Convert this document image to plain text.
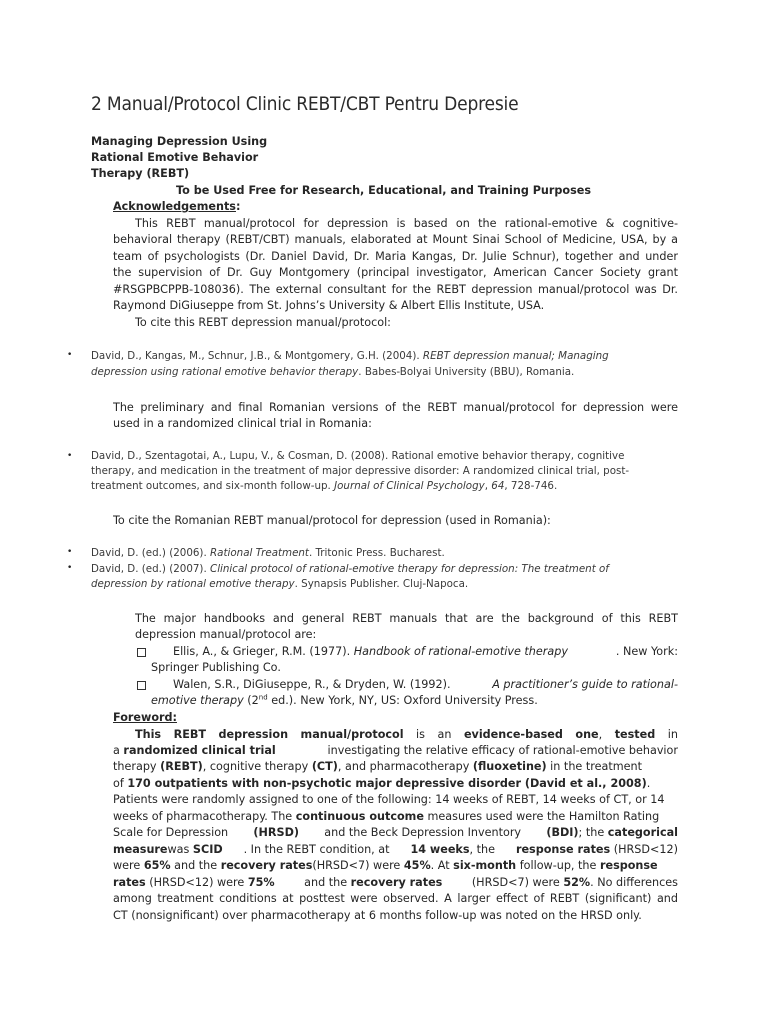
2 Manual/Protocol Clinic REBT/CBT Pentru Depresie
Managing Depression Using
Rational Emotive Behavior
Therapy (REBT)
To be Used Free for Research, Educational, and Training Purposes
Acknowledgements:
This REBT manual/protocol for depression is based on the rational-emotive & cognitive-
behavioral therapy (REBT/CBT) manuals, elaborated at Mount Sinai School of Medicine, USA, by a
team of psychologists (Dr. Daniel David, Dr. Maria Kangas, Dr. Julie Schnur), together and under
the supervision of Dr. Guy Montgomery (principal investigator, American Cancer Society grant
#RSGPBCPPB-108036). The external consultant for the REBT depression manual/protocol was Dr.
Raymond DiGiuseppe from St. Johns’s University & Albert Ellis Institute, USA.
To cite this REBT depression manual/protocol:
• David, D., Kangas, M., Schnur, J.B., & Montgomery, G.H. (2004). REBT depression manual; Managing
depression using rational emotive behavior therapy. Babes-Bolyai University (BBU), Romania.
The preliminary and final Romanian versions of the REBT manual/protocol for depression were
used in a randomized clinical trial in Romania:
• David, D., Szentagotai, A., Lupu, V., & Cosman, D. (2008). Rational emotive behavior therapy, cognitive
therapy, and medication in the treatment of major depressive disorder: A randomized clinical trial, post-
treatment outcomes, and six-month follow-up. Journal of Clinical Psychology, 64, 728-746.
To cite the Romanian REBT manual/protocol for depression (used in Romania):
• David, D. (ed.) (2006). Rational Treatment. Tritonic Press. Bucharest.
• David, D. (ed.) (2007). Clinical protocol of rational-emotive therapy for depression: The treatment of
depression by rational emotive therapy. Synapsis Publisher. Cluj-Napoca.
The major handbooks and general REBT manuals that are the background of this REBT
depression manual/protocol are:
Ellis, A., & Grieger, R.M. (1977). Handbook of rational-emotive therapy	. New York:
Springer Publishing Co.
Walen, S.R., DiGiuseppe, R., & Dryden, W. (1992).	A practitioner’s guide to rational-
emotive therapy (2nd ed.). New York, NY, US: Oxford University Press.
Foreword:
This REBT depression manual/protocol is an evidence-based one, tested in
a randomized clinical trial	investigating the relative efficacy of rational-emotive behavior
therapy (REBT), cognitive therapy (CT), and pharmacotherapy (fluoxetine) in the treatment
of 170 outpatients with non-psychotic major depressive disorder (David et al., 2008).
Patients were randomly assigned to one of the following: 14 weeks of REBT, 14 weeks of CT, or 14
weeks of pharmacotherapy. The continuous outcome measures used were the Hamilton Rating
Scale for Depression (HRSD) and the Beck Depression Inventory (BDI); the categorical
measurewas SCID . In the REBT condition, at 14 weeks, the response rates (HRSD<12)
were 65% and the recovery rates(HRSD<7) were 45%. At six-month follow-up, the response
rates (HRSD<12) were 75%	and the recovery rates	(HRSD<7) were 52%. No differences
among treatment conditions at posttest were observed. A larger effect of REBT (significant) and
CT (nonsignificant) over pharmacotherapy at 6 months follow-up was noted on the HRSD only.
